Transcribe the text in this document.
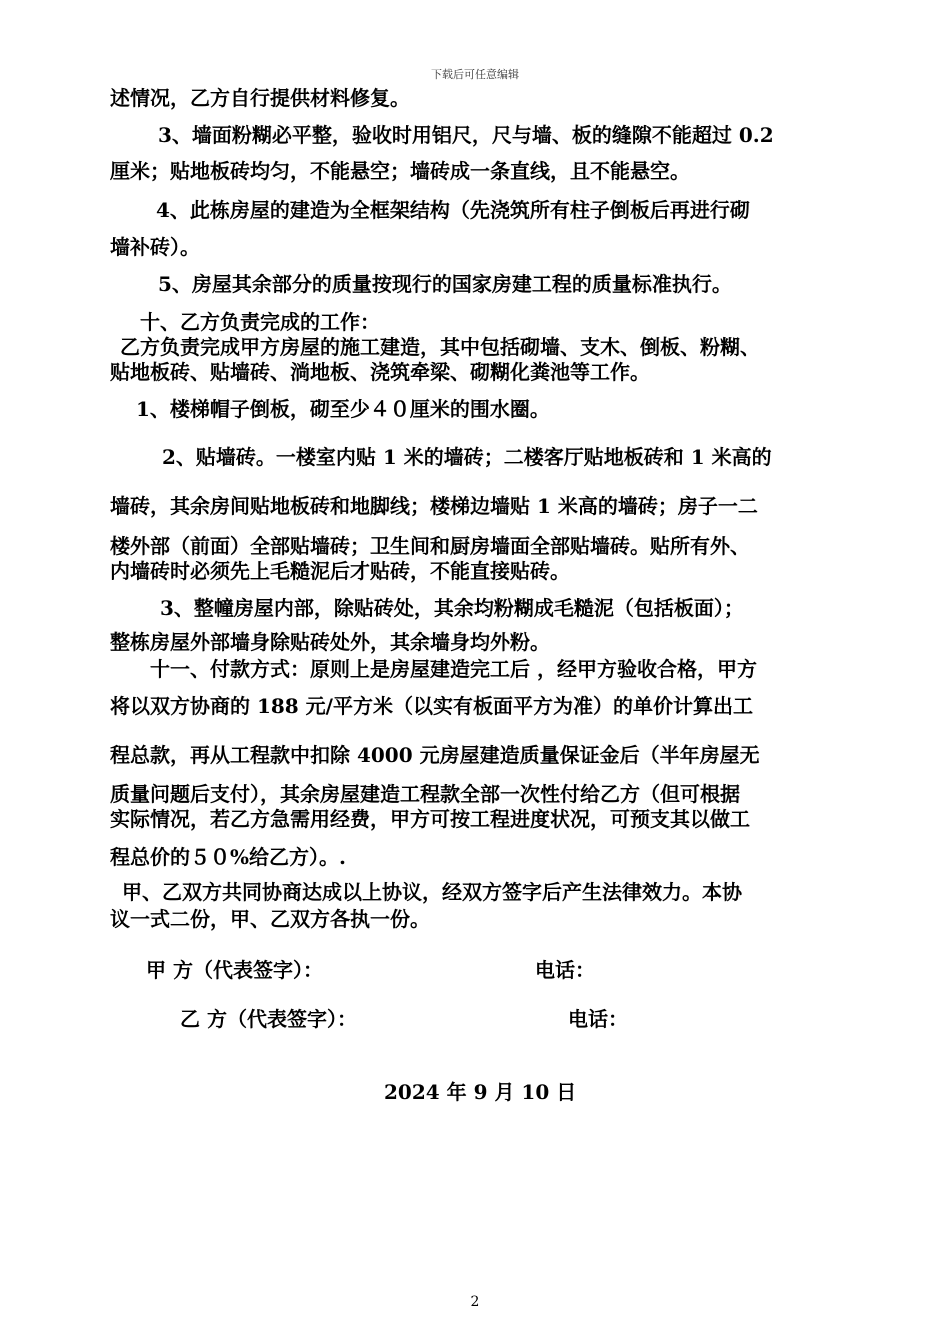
下载后可任意编辑
述情况，乙方自行提供材料修复。
3、墙面粉糊必平整，验收时用铝尺，尺与墙、板的缝隙不能超过 0.2
厘米；贴地板砖均匀，不能悬空；墙砖成一条直线，且不能悬空。
4、此栋房屋的建造为全框架结构（先浇筑所有柱子倒板后再进行砌
墙补砖）。
5、房屋其余部分的质量按现行的国家房建工程的质量标准执行。
十、乙方负责完成的工作：
乙方负责完成甲方房屋的施工建造，其中包括砌墙、支木、倒板、粉糊、
贴地板砖、贴墙砖、淌地板、浇筑牵梁、砌糊化粪池等工作。
1、楼梯帽子倒板，砌至少４０厘米的围水圈。
2、贴墙砖。一楼室内贴 1 米的墙砖；二楼客厅贴地板砖和 1 米高的
墙砖，其余房间贴地板砖和地脚线；楼梯边墙贴 1 米高的墙砖；房子一二
楼外部（前面）全部贴墙砖；卫生间和厨房墙面全部贴墙砖。贴所有外、
内墙砖时必须先上毛糙泥后才贴砖，不能直接贴砖。
3、整幢房屋内部，除贴砖处，其余均粉糊成毛糙泥（包括板面）；
整栋房屋外部墙身除贴砖处外，其余墙身均外粉。
十一、付款方式：原则上是房屋建造完工后 ，经甲方验收合格，甲方
将以双方协商的 188 元/平方米（以实有板面平方为准）的单价计算出工
程总款，再从工程款中扣除 4000 元房屋建造质量保证金后（半年房屋无
质量问题后支付），其余房屋建造工程款全部一次性付给乙方（但可根据
实际情况，若乙方急需用经费，甲方可按工程进度状况，可预支其以做工
程总价的５０%给乙方）。.
甲、乙双方共同协商达成以上协议，经双方签字后产生法律效力。本协
议一式二份，甲、乙双方各执一份。
甲 方（代表签字）：	电话：
乙 方（代表签字）：	电话：
2024 年 9 月 10 日
2
